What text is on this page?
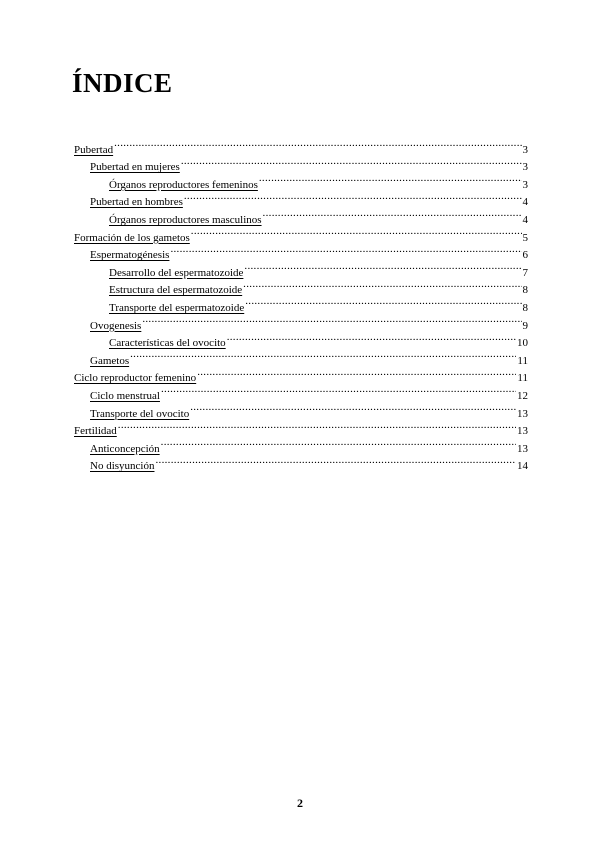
ÍNDICE
Pubertad .....	3
Pubertad en mujeres .....	3
Órganos reproductores femeninos .....	3
Pubertad en hombres .....	4
Órganos reproductores masculinos .....	4
Formación de los gametos .....	5
Espermatogénesis .....	6
Desarrollo del espermatozoide .....	7
Estructura del espermatozoide .....	8
Transporte del espermatozoide .....	8
Ovogenesis .....	9
Características del ovocito .....	10
Gametos .....	11
Ciclo reproductor femenino .....	11
Ciclo menstrual .....	12
Transporte del ovocito .....	13
Fertilidad .....	13
Anticoncepción .....	13
No disyunción .....	14

2
